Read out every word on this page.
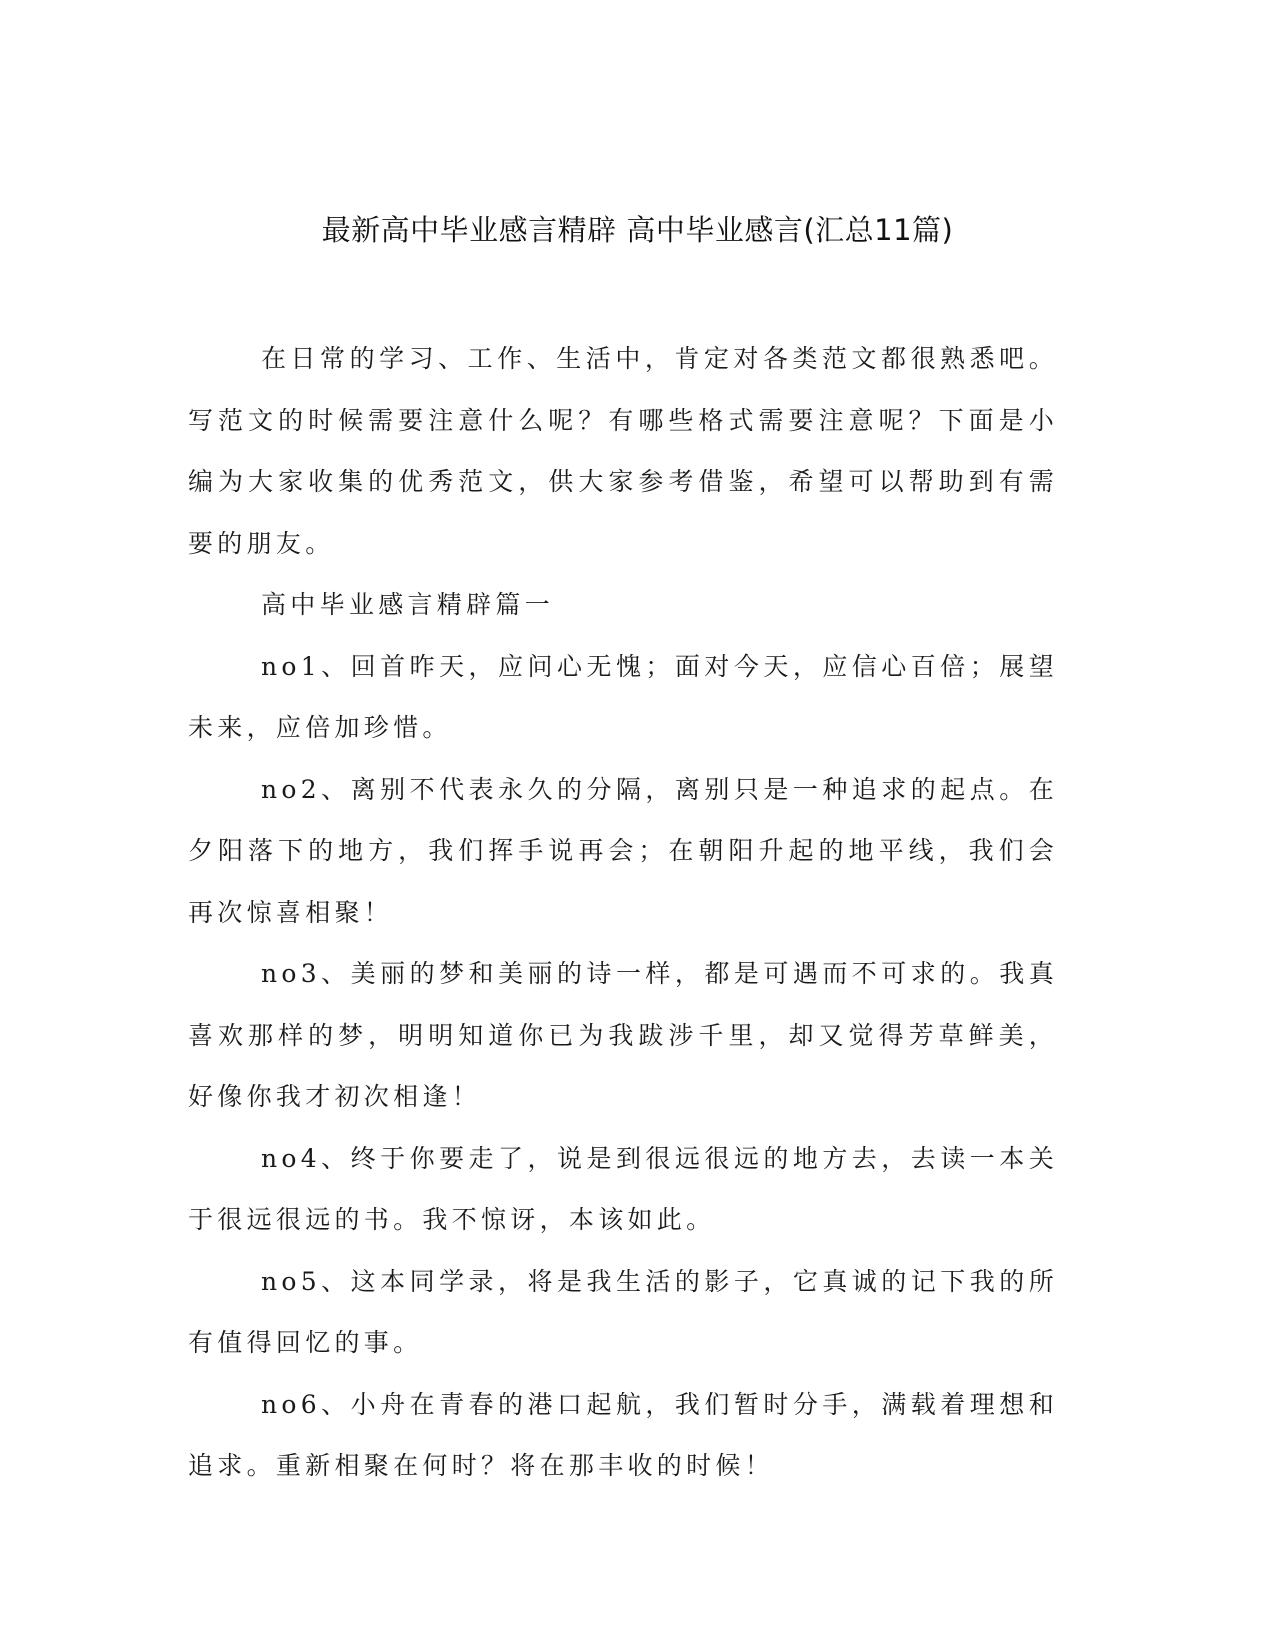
最新高中毕业感言精辟 高中毕业感言(汇总11篇)

在日常的学习、工作、生活中，肯定对各类范文都很熟悉吧。写范文的时候需要注意什么呢？有哪些格式需要注意呢？下面是小编为大家收集的优秀范文，供大家参考借鉴，希望可以帮助到有需要的朋友。

高中毕业感言精辟篇一

no1、回首昨天，应问心无愧；面对今天，应信心百倍；展望未来，应倍加珍惜。

no2、离别不代表永久的分隔，离别只是一种追求的起点。在夕阳落下的地方，我们挥手说再会；在朝阳升起的地平线，我们会再次惊喜相聚！

no3、美丽的梦和美丽的诗一样，都是可遇而不可求的。我真喜欢那样的梦，明明知道你已为我跋涉千里，却又觉得芳草鲜美，好像你我才初次相逢！

no4、终于你要走了，说是到很远很远的地方去，去读一本关于很远很远的书。我不惊讶，本该如此。

no5、这本同学录，将是我生活的影子，它真诚的记下我的所有值得回忆的事。

no6、小舟在青春的港口起航，我们暂时分手，满载着理想和追求。重新相聚在何时？将在那丰收的时候！
